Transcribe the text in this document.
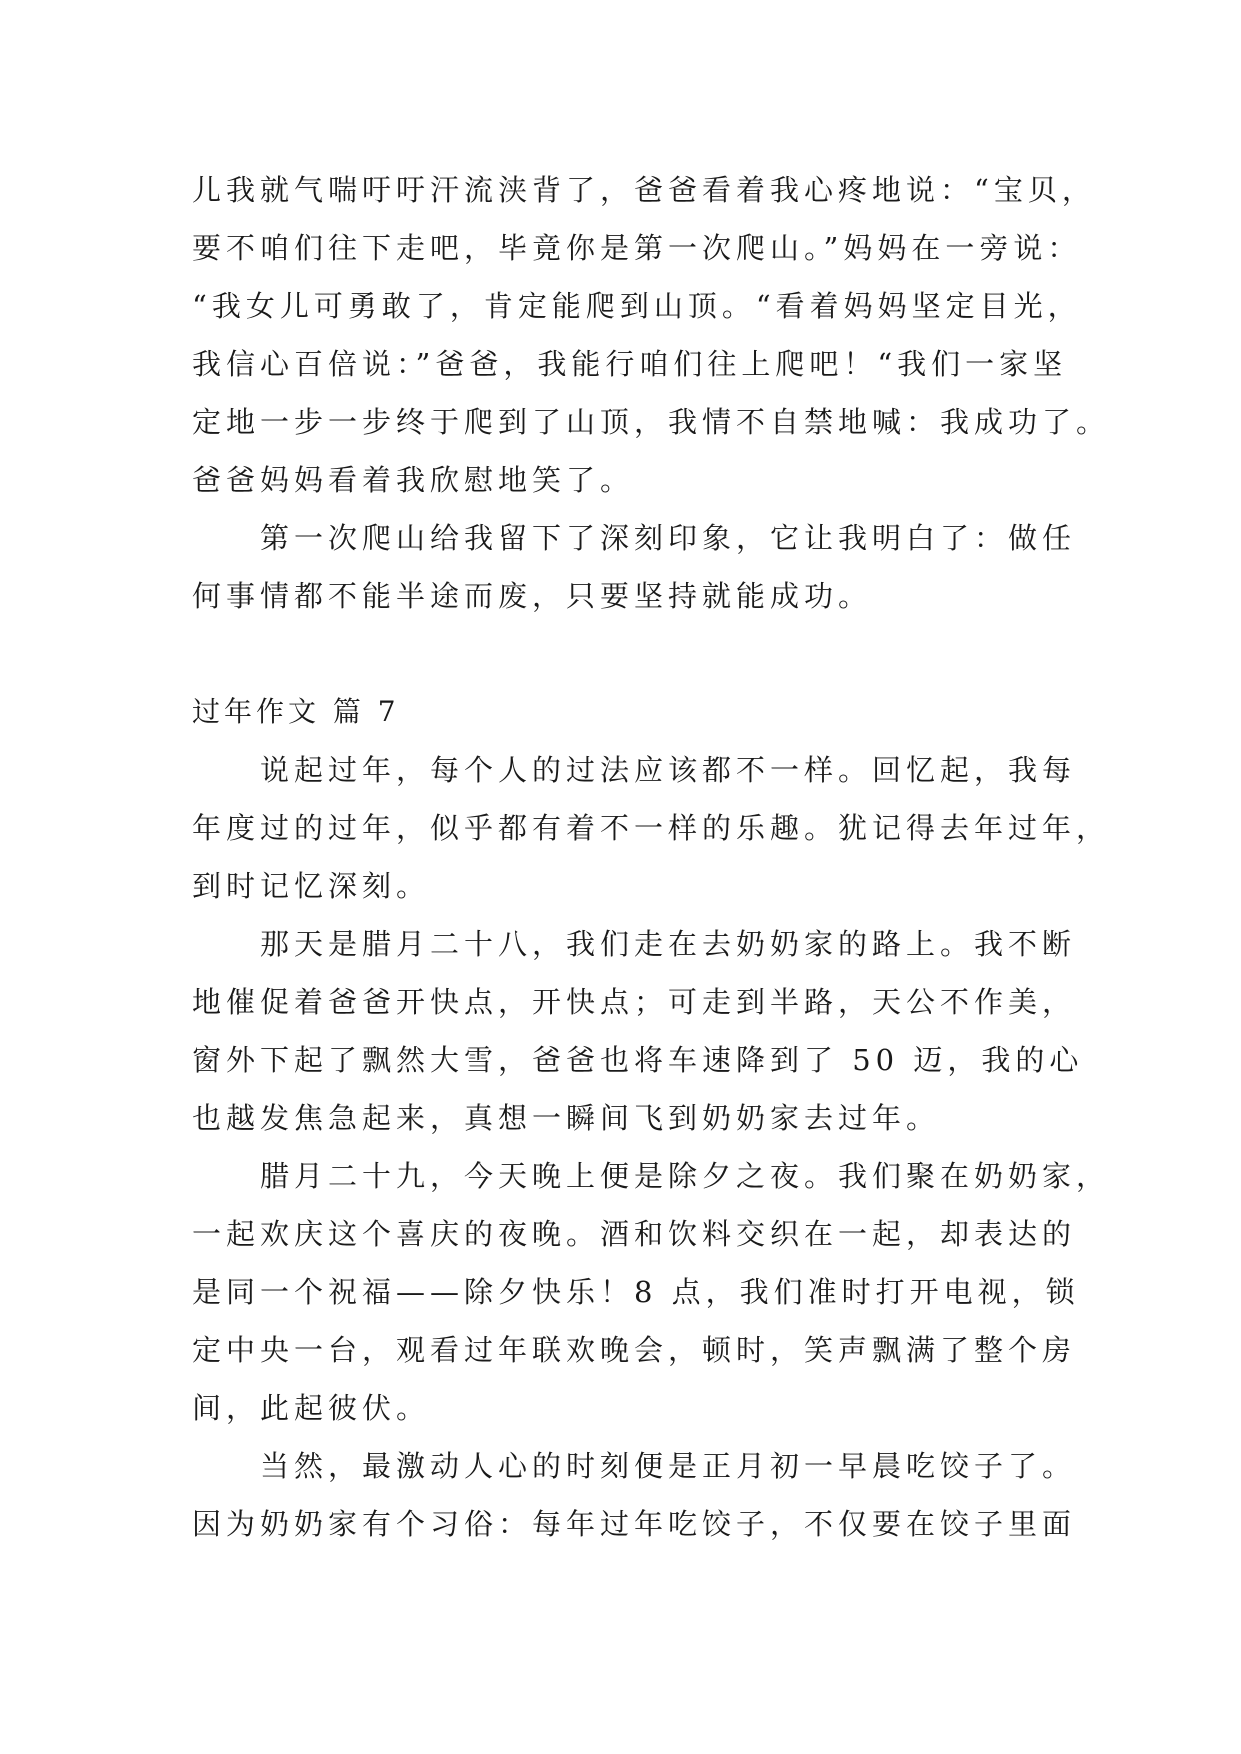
儿我就气喘吁吁汗流浃背了，爸爸看着我心疼地说：“宝贝，
要不咱们往下走吧，毕竟你是第一次爬山。”妈妈在一旁说：
“我女儿可勇敢了，肯定能爬到山顶。“看着妈妈坚定目光，
我信心百倍说：”爸爸，我能行咱们往上爬吧！“我们一家坚
定地一步一步终于爬到了山顶，我情不自禁地喊：我成功了。
爸爸妈妈看着我欣慰地笑了。
　　第一次爬山给我留下了深刻印象，它让我明白了：做任
何事情都不能半途而废，只要坚持就能成功。
过年作文 篇 7
　　说起过年，每个人的过法应该都不一样。回忆起，我每
年度过的过年，似乎都有着不一样的乐趣。犹记得去年过年，
到时记忆深刻。
　　那天是腊月二十八，我们走在去奶奶家的路上。我不断
地催促着爸爸开快点，开快点；可走到半路，天公不作美，
窗外下起了飘然大雪，爸爸也将车速降到了 50 迈，我的心
也越发焦急起来，真想一瞬间飞到奶奶家去过年。
　　腊月二十九，今天晚上便是除夕之夜。我们聚在奶奶家，
一起欢庆这个喜庆的夜晚。酒和饮料交织在一起，却表达的
是同一个祝福——除夕快乐！8 点，我们准时打开电视，锁
定中央一台，观看过年联欢晚会，顿时，笑声飘满了整个房
间，此起彼伏。
　　当然，最激动人心的时刻便是正月初一早晨吃饺子了。
因为奶奶家有个习俗：每年过年吃饺子，不仅要在饺子里面
